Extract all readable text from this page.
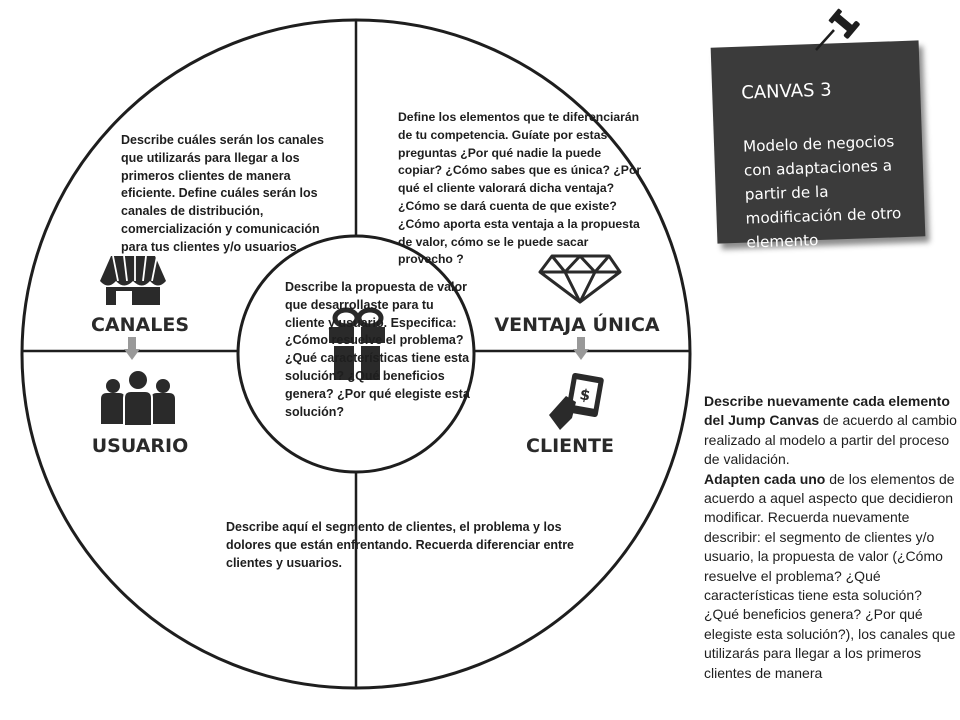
CANALES
USUARIO
VENTAJA ÚNICA
$
CLIENTE

Describe cuáles serán los canales que utilizarás para llegar a los primeros clientes de manera eficiente. Define cuáles serán los canales de distribución, comercialización y comunicación para tus clientes y/o usuarios.

Define los elementos que te diferenciarán de tu competencia. Guíate por estas preguntas ¿Por qué nadie la puede copiar? ¿Cómo sabes que es única? ¿Por qué el cliente valorará dicha ventaja? ¿Cómo se dará cuenta de que existe? ¿Cómo aporta esta ventaja a la propuesta de valor, cómo se le puede sacar provecho ?

Describe la propuesta de valor que desarrollaste para tu cliente y usuario. Especifica: ¿Cómo resuelve el problema? ¿Qué características tiene esta solución? ¿Qué beneficios genera? ¿Por qué elegiste esta solución?

Describe aquí el segmento de clientes, el problema y los dolores que están enfrentando. Recuerda diferenciar entre clientes y usuarios.

CANVAS 3

Modelo de negocios con adaptaciones a partir de la modificación de otro elemento

Describe nuevamente cada elemento del Jump Canvas de acuerdo al cambio realizado al modelo a partir del proceso de validación.
Adapten cada uno de los elementos de acuerdo a aquel aspecto que decidieron modificar. Recuerda nuevamente describir: el segmento de clientes y/o usuario, la propuesta de valor (¿Cómo resuelve el problema? ¿Qué características tiene esta solución? ¿Qué beneficios genera? ¿Por qué elegiste esta solución?), los canales que utilizarás para llegar a los primeros clientes de manera
